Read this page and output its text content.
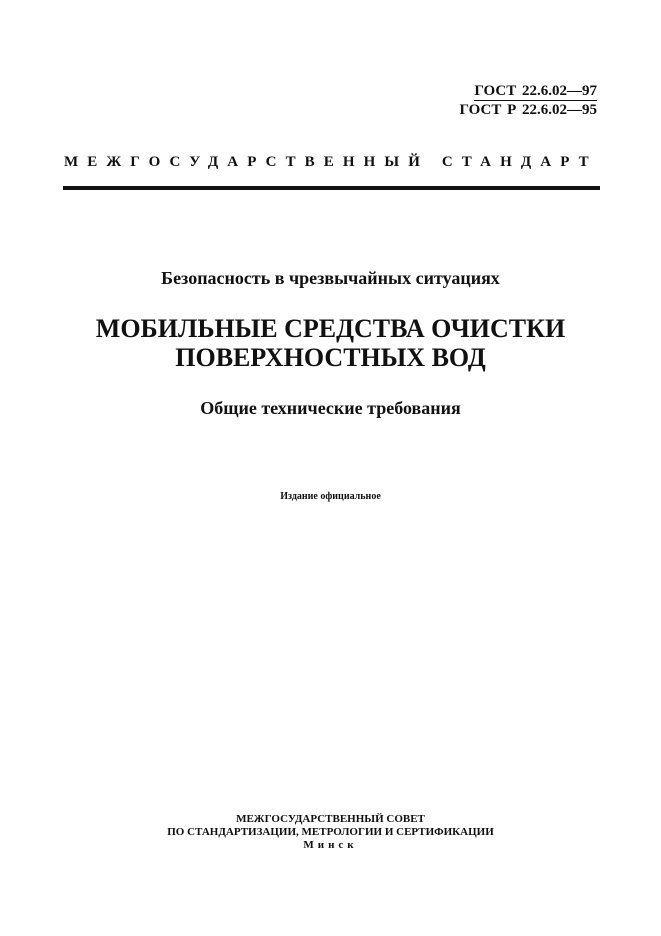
ГОСТ 22.6.02—97
ГОСТ Р 22.6.02—95
МЕЖГОСУДАРСТВЕННЫЙ СТАНДАРТ
Безопасность в чрезвычайных ситуациях
МОБИЛЬНЫЕ СРЕДСТВА ОЧИСТКИ
ПОВЕРХНОСТНЫХ ВОД
Общие технические требования
Издание официальное
МЕЖГОСУДАРСТВЕННЫЙ СОВЕТ
ПО СТАНДАРТИЗАЦИИ, МЕТРОЛОГИИ И СЕРТИФИКАЦИИ
Минск
